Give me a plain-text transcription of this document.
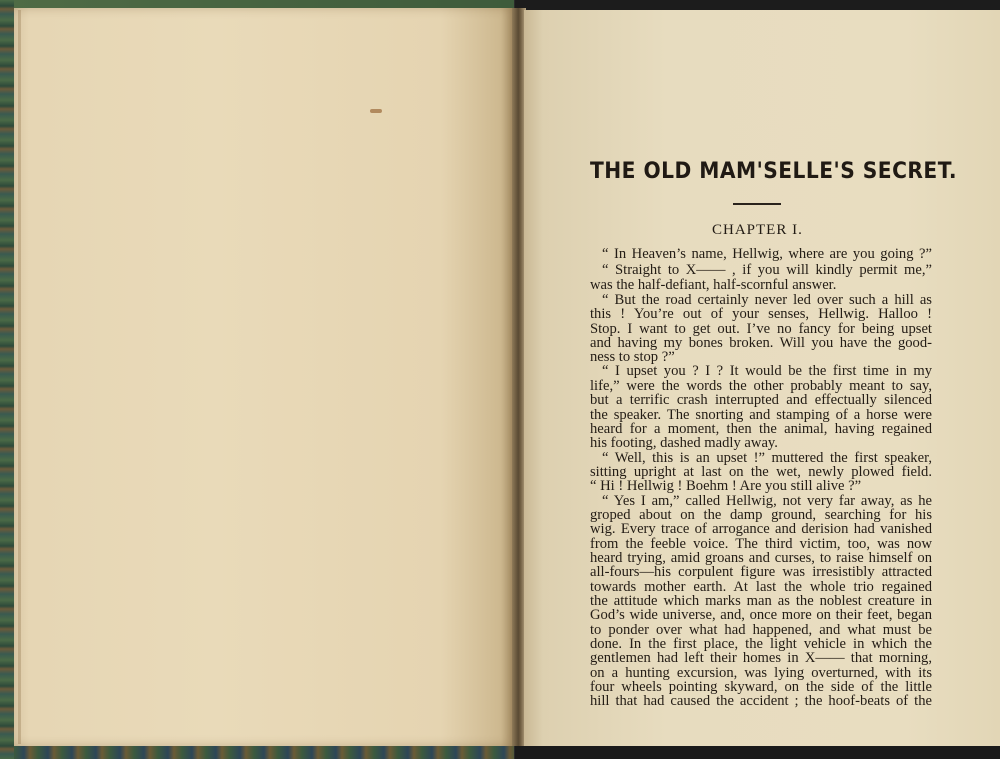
THE OLD MAM'SELLE'S SECRET.
CHAPTER I.
“ In Heaven’s name, Hellwig, where are you going ?”
“ Straight to X—— , if you will kindly permit me,”
was the half-defiant, half-scornful answer.
“ But the road certainly never led over such a hill as
this ! You’re out of your senses, Hellwig. Halloo !
Stop. I want to get out. I’ve no fancy for being upset
and having my bones broken. Will you have the good-
ness to stop ?”
“ I upset you ? I ? It would be the first time in my
life,” were the words the other probably meant to say,
but a terrific crash interrupted and effectually silenced
the speaker. The snorting and stamping of a horse were
heard for a moment, then the animal, having regained
his footing, dashed madly away.
“ Well, this is an upset !” muttered the first speaker,
sitting upright at last on the wet, newly plowed field.
“ Hi ! Hellwig ! Boehm ! Are you still alive ?”
“ Yes I am,” called Hellwig, not very far away, as he
groped about on the damp ground, searching for his
wig. Every trace of arrogance and derision had vanished
from the feeble voice. The third victim, too, was now
heard trying, amid groans and curses, to raise himself on
all-fours—his corpulent figure was irresistibly attracted
towards mother earth. At last the whole trio regained
the attitude which marks man as the noblest creature in
God’s wide universe, and, once more on their feet, began
to ponder over what had happened, and what must be
done. In the first place, the light vehicle in which the
gentlemen had left their homes in X—— that morning,
on a hunting excursion, was lying overturned, with its
four wheels pointing skyward, on the side of the little
hill that had caused the accident ; the hoof-beats of the
